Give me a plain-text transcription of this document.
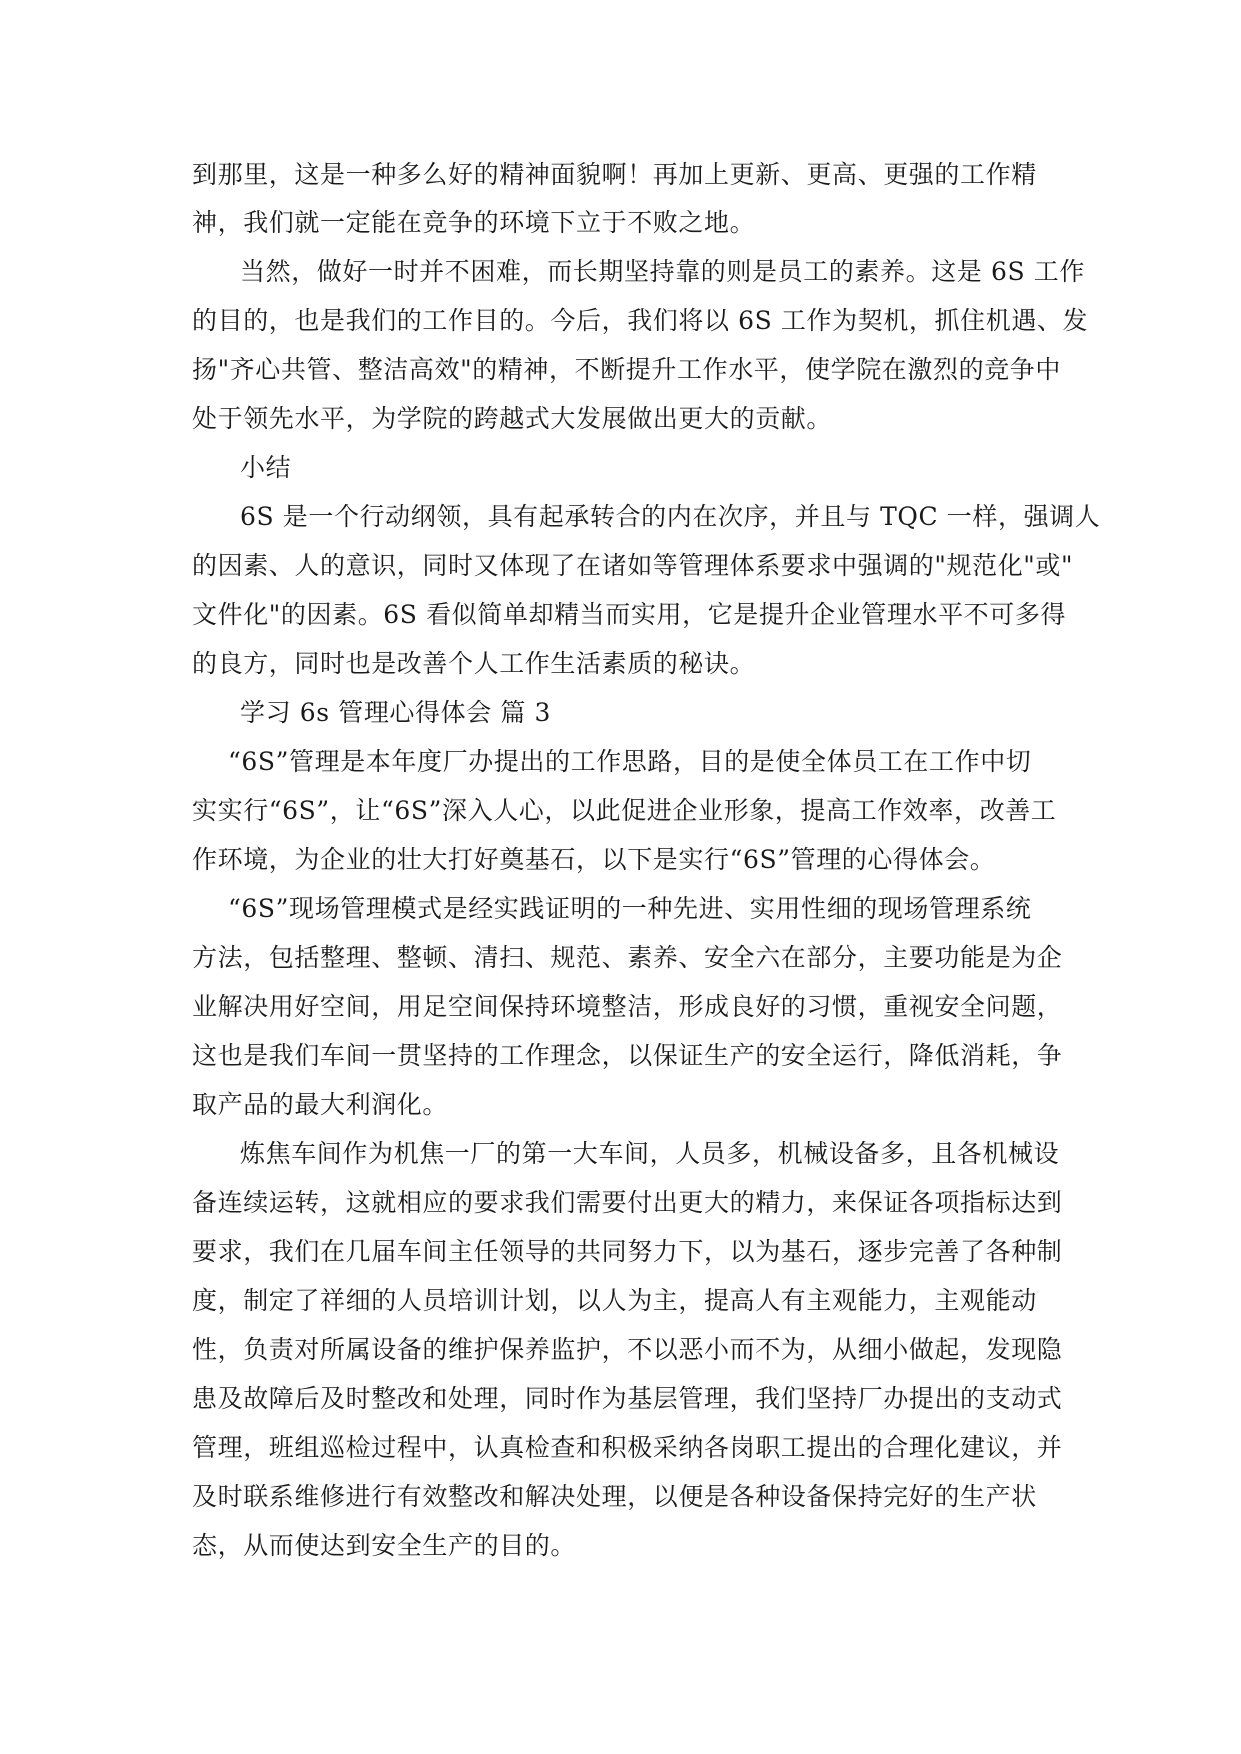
到那里，这是一种多么好的精神面貌啊！再加上更新、更高、更强的工作精
神，我们就一定能在竞争的环境下立于不败之地。
当然，做好一时并不困难，而长期坚持靠的则是员工的素养。这是 6S 工作
的目的，也是我们的工作目的。今后，我们将以 6S 工作为契机，抓住机遇、发
扬"齐心共管、整洁高效"的精神，不断提升工作水平，使学院在激烈的竞争中
处于领先水平，为学院的跨越式大发展做出更大的贡献。
小结
6S 是一个行动纲领，具有起承转合的内在次序，并且与 TQC 一样，强调人
的因素、人的意识，同时又体现了在诸如等管理体系要求中强调的"规范化"或"
文件化"的因素。6S 看似简单却精当而实用，它是提升企业管理水平不可多得
的良方，同时也是改善个人工作生活素质的秘诀。
学习 6s 管理心得体会 篇 3
“6S”管理是本年度厂办提出的工作思路，目的是使全体员工在工作中切
实实行“6S”，让“6S”深入人心，以此促进企业形象，提高工作效率，改善工
作环境，为企业的壮大打好奠基石，以下是实行“6S”管理的心得体会。
“6S”现场管理模式是经实践证明的一种先进、实用性细的现场管理系统
方法，包括整理、整顿、清扫、规范、素养、安全六在部分，主要功能是为企
业解决用好空间，用足空间保持环境整洁，形成良好的习惯，重视安全问题，
这也是我们车间一贯坚持的工作理念，以保证生产的安全运行，降低消耗，争
取产品的最大利润化。
炼焦车间作为机焦一厂的第一大车间，人员多，机械设备多，且各机械设
备连续运转，这就相应的要求我们需要付出更大的精力，来保证各项指标达到
要求，我们在几届车间主任领导的共同努力下，以为基石，逐步完善了各种制
度，制定了祥细的人员培训计划，以人为主，提高人有主观能力，主观能动
性，负责对所属设备的维护保养监护，不以恶小而不为，从细小做起，发现隐
患及故障后及时整改和处理，同时作为基层管理，我们坚持厂办提出的支动式
管理，班组巡检过程中，认真检查和积极采纳各岗职工提出的合理化建议，并
及时联系维修进行有效整改和解决处理，以便是各种设备保持完好的生产状
态，从而使达到安全生产的目的。
